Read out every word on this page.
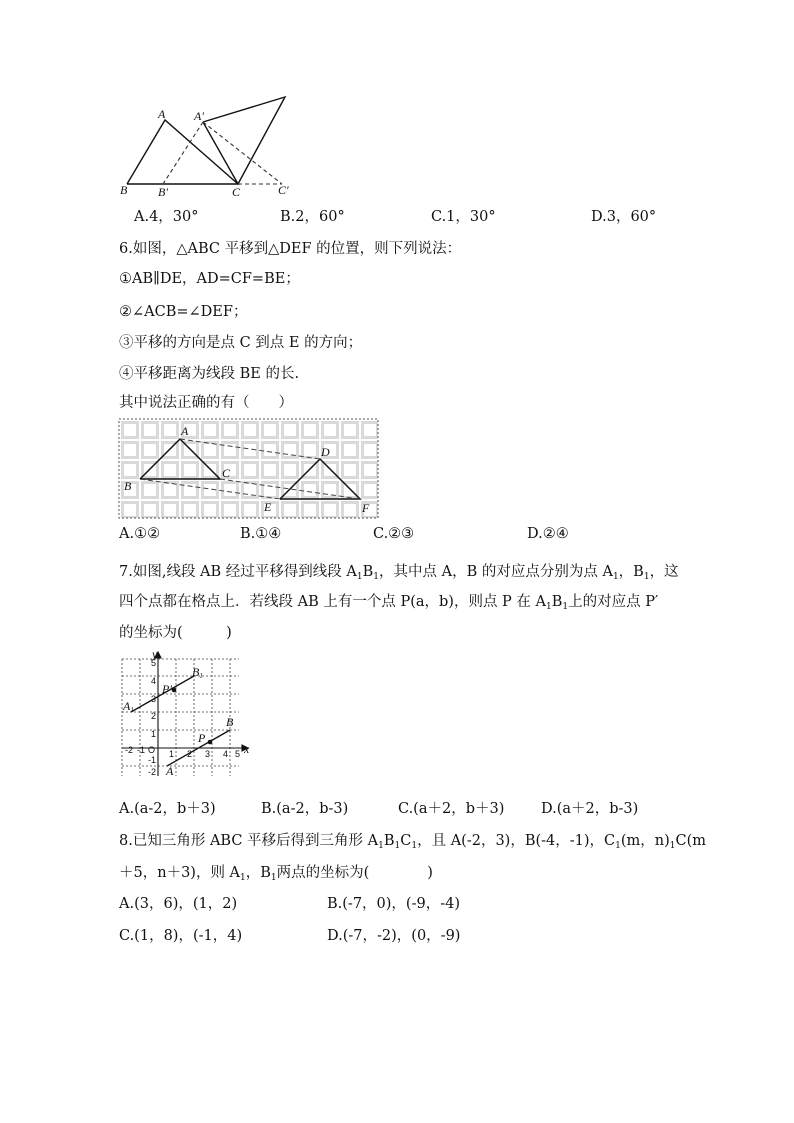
A A′
B	B′	C	C′
A.4，30°	B.2，60°	C.1，30°	D.3，60°
6.如图，△ABC 平移到△DEF 的位置，则下列说法：
①AB∥DE，AD=CF=BE；
②∠ACB=∠DEF；
③平移的方向是点 C 到点 E 的方向；
④平移距离为线段 BE 的长.
其中说法正确的有（　　）
A
B
C
D
E	F
A.①②	B.①④	C.②③	D.②④
7.如图,线段 AB 经过平移得到线段 $A_1B_1$，其中点 A，B 的对应点分别为点 $A_1$，$B_1$，这
四个点都在格点上．若线段 AB 上有一个点 P(a，b)，则点 P 在 $A_1B_1$上的对应点 P′
的坐标为(　　　)
y
x
B1
P′
A1
B
P
A
O
-2 -1	1 2 3 4 5
1
2
3
4
5
-1
-2
A.(a-2，b＋3)	B.(a-2，b-3)	C.(a＋2，b＋3)	D.(a＋2，b-3)
8.已知三角形 ABC 平移后得到三角形 $A_1B_1C_1$，且 A(-2，3)，B(-4，-1)，$C_1(m$，$n)_1C(m$
＋5，n＋3)，则 $A_1$，$B_1$两点的坐标为(　　　　)
A.(3，6)，(1，2)	B.(-7，0)，(-9，-4)
C.(1，8)，(-1，4)	D.(-7，-2)，(0，-9)
